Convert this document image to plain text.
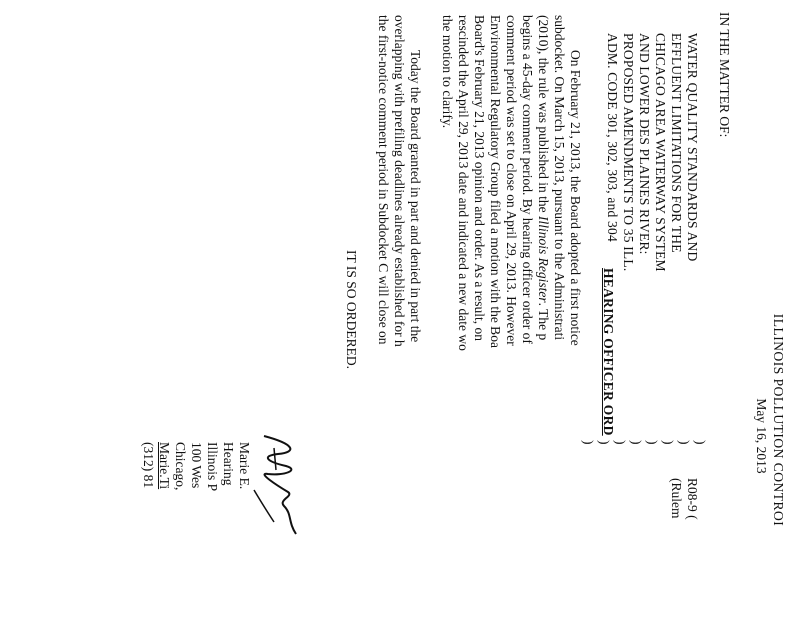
ILLINOIS POLLUTION CONTROI
May 16, 2013
IN THE MATTER OF:
WATER QUALITY STANDARDS AND
EFFLUENT LIMITATIONS FOR THE
CHICAGO AREA WATERWAY SYSTEM
AND LOWER DES PLAINES RIVER:
PROPOSED AMENDMENTS TO 35 ILL.
ADM. CODE 301, 302, 303, and 304
)
)
)
)
)
)
)
)
R08-9 (
(Rulem
HEARING OFFICER ORD
On February 21, 2013, the Board adopted a first notice
subdocket. On March 15, 2013, pursuant to the Administrati
(2010), the rule was published in the Illinois Register. The p
begins a 45-day comment period. By hearing officer order of
comment period was set to close on April 29, 2013. However
Environmental Regulatory Group filed a motion with the Boa
Board's February 21, 2013 opinion and order. As a result, on
rescinded the April 29, 2013 date and indicated a new date wo
the motion to clarify.
Today the Board granted in part and denied in part the
overlapping with prefiling deadlines already established for h
the first-notice comment period in Subdocket C will close on
IT IS SO ORDERED.
Marie E.
Hearing
Illinois P
100 Wes
Chicago,
Marie.Ti
(312) 81
